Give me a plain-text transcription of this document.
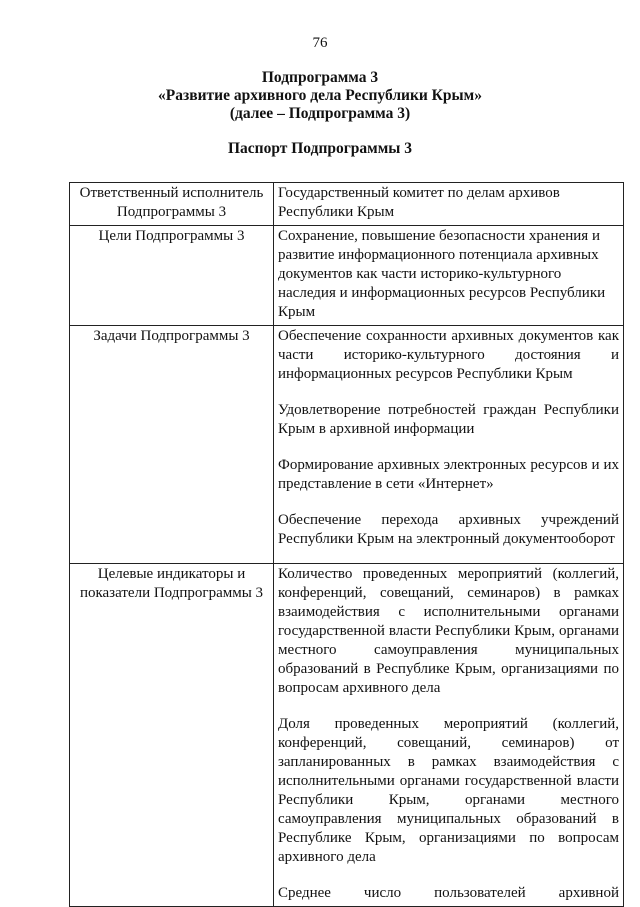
76
Подпрограмма 3
«Развитие архивного дела Республики Крым»
(далее – Подпрограмма 3)
Паспорт Подпрограммы 3
Ответственный исполнитель Подпрограммы 3	Государственный комитет по делам архивов Республики Крым

Цели Подпрограммы 3	Сохранение, повышение безопасности хранения и развитие информационного потенциала архивных документов как части историко-культурного наследия и информационных ресурсов Республики Крым

Задачи Подпрограммы 3	Обеспечение сохранности архивных документов как части историко-культурного достояния и информационных ресурсов Республики Крым

Удовлетворение потребностей граждан Республики Крым в архивной информации

Формирование архивных электронных ресурсов и их представление в сети «Интернет»

Обеспечение перехода архивных учреждений Республики Крым на электронный документооборот

Целевые индикаторы и показатели Подпрограммы 3	Количество проведенных мероприятий (коллегий, конференций, совещаний, семинаров) в рамках взаимодействия с исполнительными органами государственной власти Республики Крым, органами местного самоуправления муниципальных образований в Республике Крым, организациями по вопросам архивного дела

Доля проведенных мероприятий (коллегий, конференций, совещаний, семинаров) от запланированных в рамках взаимодействия с исполнительными органами государственной власти Республики Крым, органами местного самоуправления муниципальных образований в Республике Крым, организациями по вопросам архивного дела

Среднее число пользователей архивной
